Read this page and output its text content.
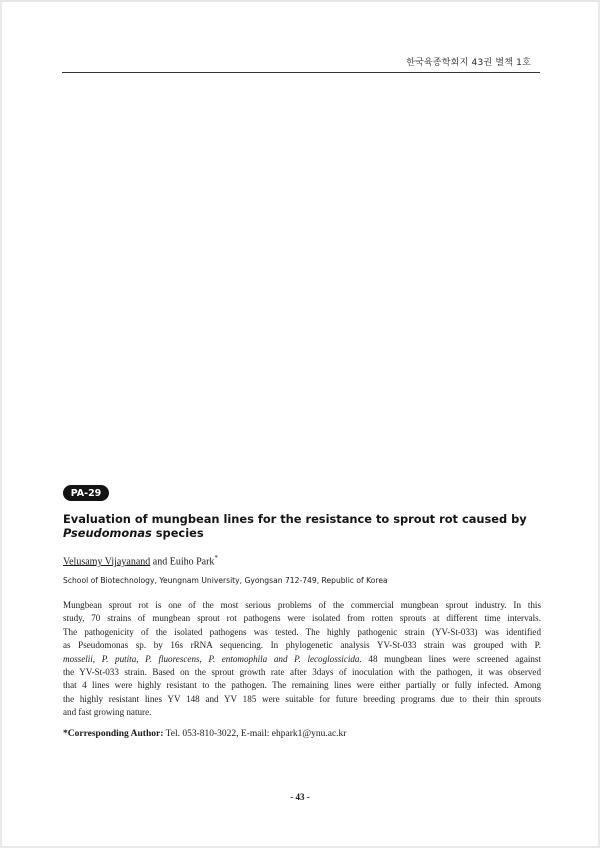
한국육종학회지 43권 별책 1호
PA-29
Evaluation of mungbean lines for the resistance to sprout rot caused by
Pseudomonas species
Velusamy Vijayanand and Euiho Park*
School of Biotechnology, Yeungnam University, Gyongsan 712-749, Republic of Korea
Mungbean sprout rot is one of the most serious problems of the commercial mungbean sprout industry. In this
study, 70 strains of mungbean sprout rot pathogens were isolated from rotten sprouts at different time intervals.
The pathogenicity of the isolated pathogens was tested. The highly pathogenic strain (YV-St-033) was identified
as Pseudomonas sp. by 16s rRNA sequencing. In phylogenetic analysis YV-St-033 strain was grouped with P.
mosselii, P. putita, P. fluorescens, P. entomophila and P. lecoglossicida. 48 mungbean lines were screened against
the YV-St-033 strain. Based on the sprout growth rate after 3days of inoculation with the pathogen, it was observed
that 4 lines were highly resistant to the pathogen. The remaining lines were either partially or fully infected. Among
the highly resistant lines YV 148 and YV 185 were suitable for future breeding programs due to their thin sprouts
and fast growing nature.
*Corresponding Author: Tel. 053-810-3022, E-mail: ehpark1@ynu.ac.kr
- 43 -
